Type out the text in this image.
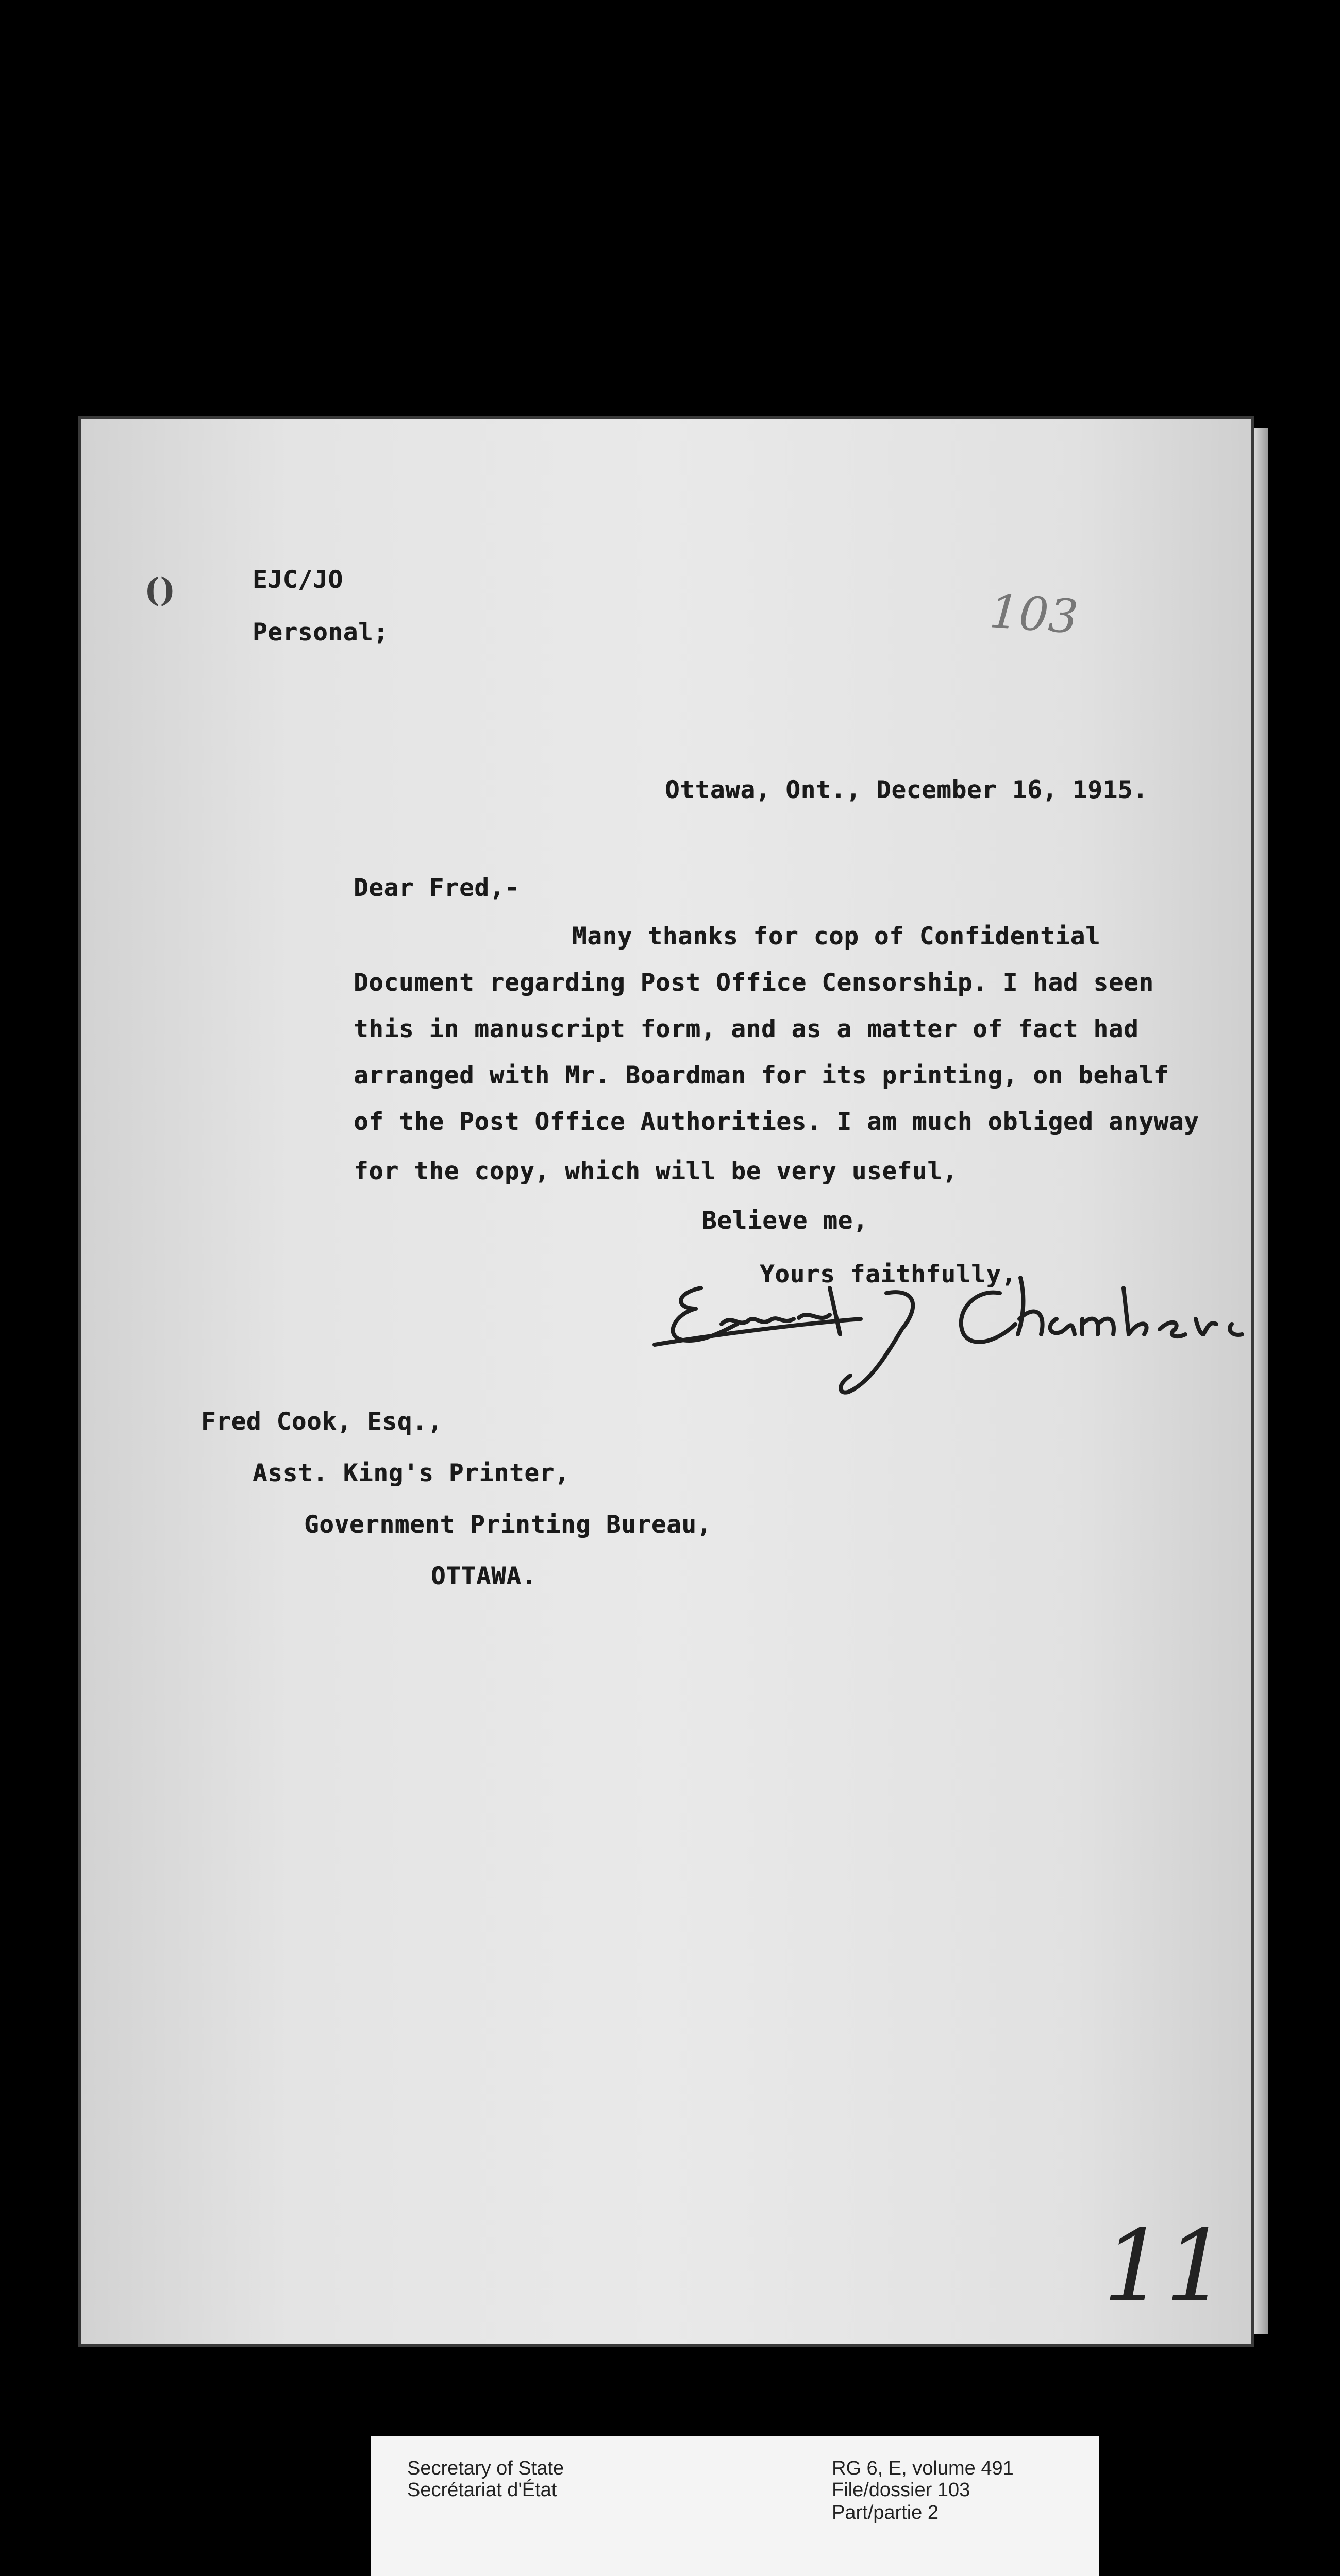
()	103
11
EJC/JO
Personal;
Ottawa, Ont., December 16, 1915.
Dear Fred,-
Many thanks for cop of Confidential
Document regarding Post Office Censorship. I had seen
this in manuscript form, and as a matter of fact had
arranged with Mr. Boardman for its printing, on behalf
of the Post Office Authorities. I am much obliged anyway
for the copy, which will be very useful,
Believe me,
Yours faithfully,
Fred Cook, Esq.,
Asst. King's Printer,
Government Printing Bureau,
OTTAWA.
Secretary of State
Secrétariat d'État
RG 6, E, volume 491
File/dossier 103
Part/partie 2
